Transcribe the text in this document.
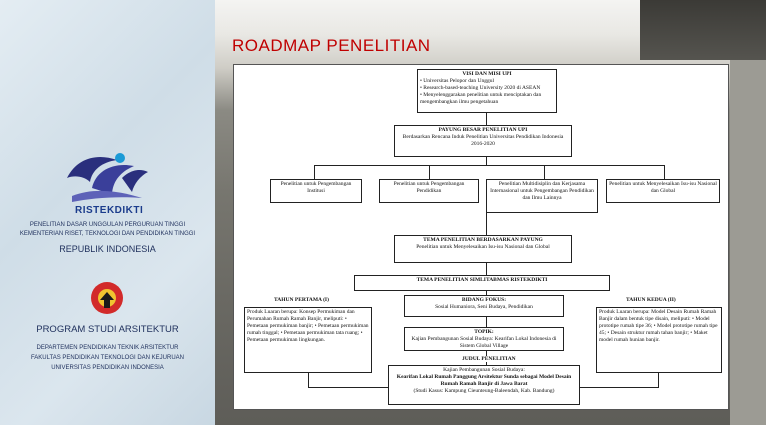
ROADMAP PENELITIAN
RISTEKDIKTI
PENELITIAN DASAR UNGGULAN PERGURUAN TINGGI
KEMENTERIAN RISET, TEKNOLOGI DAN PENDIDIKAN TINGGI
REPUBLIK INDONESIA
PROGRAM STUDI ARSITEKTUR
DEPARTEMEN PENDIDIKAN TEKNIK ARSITEKTUR
FAKULTAS PENDIDIKAN TEKNOLOGI DAN KEJURUAN
UNIVERSITAS PENDIDIKAN INDONESIA
VISI DAN MISI UPI
• Universitas Pelopor dan Unggul
• Research-based-teaching University 2020 di ASEAN
• Menyelenggarakan penelitian untuk menciptakan dan mengembangkan ilmu pengetahuan
PAYUNG BESAR PENELITIAN UPI
Berdasarkan Rencana Induk Penelitian Universitas Pendidikan Indonesia 2016-2020
Penelitian untuk Pengembangan Institusi
Penelitian untuk Pengembangan Pendidikan
Penelitian Multidisiplin dan Kerjasama Internasional untuk Pengembangan Pendidikan dan Ilmu Lainnya
Penelitian untuk Menyelesaikan Isu-isu Nasional dan Global
TEMA PENELITIAN BERDASARKAN PAYUNG
Penelitian untuk Menyelesaikan Isu-isu Nasional dan Global
TEMA PENELITIAN SIMLITABMAS RISTEKDIKTI
TAHUN PERTAMA (I)	TAHUN KEDUA (II)
BIDANG FOKUS:
Sosial Humaniora, Seni Budaya, Pendidikan
Produk Luaran berupa: Konsep Permukiman dan Perumahan Rumah Ramah Banjir, meliputi: • Pemetaan permukiman banjir; • Pemetaan permukiman rumah tinggal; • Pemetaan permukiman tata ruang; • Pemetaan permukiman lingkungan.
Produk Luaran berupa: Model Desain Rumah Ramah Banjir dalam bentuk tipe disain, meliputi: • Model prototipe rumah tipe 36; • Model prototipe rumah tipe 45; • Desain struktur rumah tahan banjir; • Maket model rumah hunian banjir.
TOPIK:
Kajian Pembangunan Sosial Budaya: Kearifan Lokal Indonesia di Sistem Global Village
JUDUL PENELITIAN
Kajian Pembangunan Sosial Budaya:
Kearifan Lokal Rumah Panggung Arsitektur Sunda sebagai Model Desain Rumah Ramah Banjir di Jawa Barat
(Studi Kasus: Kampung Cieunteung-Baleendah, Kab. Bandung)
